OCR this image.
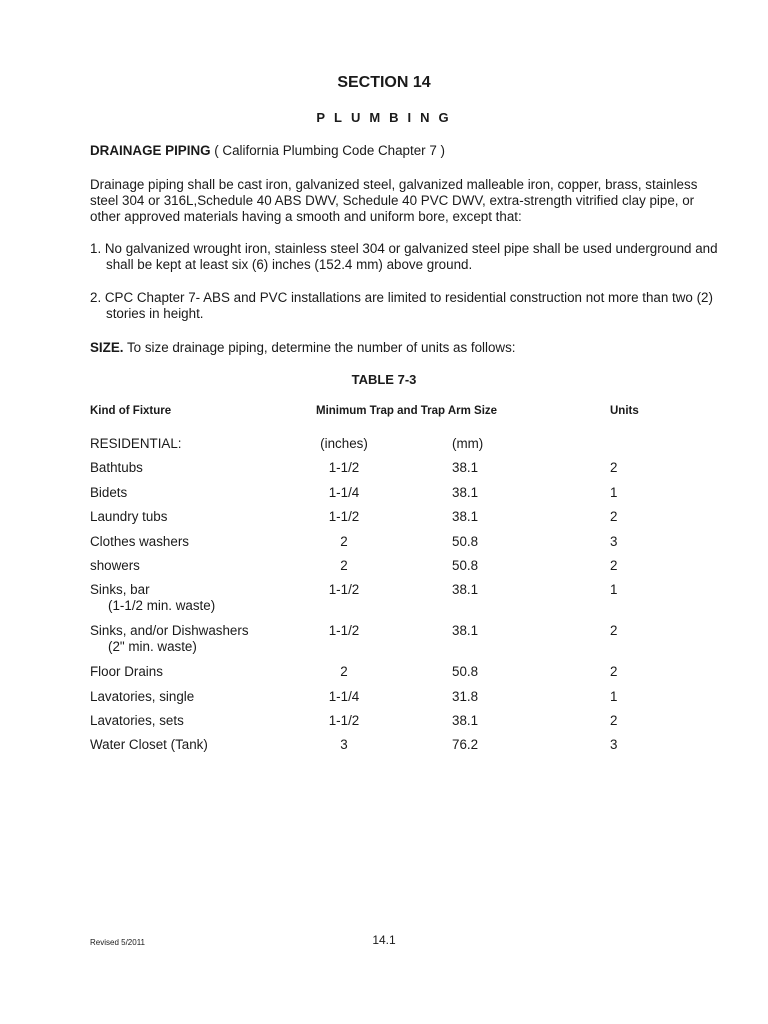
SECTION 14
PLUMBING
DRAINAGE PIPING ( California Plumbing Code Chapter 7 )
Drainage piping shall be cast iron, galvanized steel, galvanized malleable iron, copper, brass, stainless steel 304 or 316L,Schedule 40 ABS DWV, Schedule 40 PVC DWV, extra-strength vitrified clay pipe, or other approved materials having a smooth and uniform bore, except that:
1. No galvanized wrought iron, stainless steel 304 or galvanized steel pipe shall be used underground and shall be kept at least six (6) inches (152.4 mm) above ground.
2. CPC Chapter 7- ABS and PVC installations are limited to residential construction not more than two (2) stories in height.
SIZE. To size drainage piping, determine the number of units as follows:
TABLE 7-3
Kind of Fixture	Minimum Trap and Trap Arm Size	Units
RESIDENTIAL:	(inches)	(mm)
Bathtubs	1-1/2	38.1	2
Bidets	1-1/4	38.1	1
Laundry tubs	1-1/2	38.1	2
Clothes washers	2	50.8	3
showers	2	50.8	2
Sinks, bar	1-1/2	38.1	1
(1-1/2 min. waste)
Sinks, and/or Dishwashers	1-1/2	38.1	2
(2" min. waste)
Floor Drains	2	50.8	2
Lavatories, single	1-1/4	31.8	1
Lavatories, sets	1-1/2	38.1	2
Water Closet (Tank)	3	76.2	3
Revised 5/2011	14.1
